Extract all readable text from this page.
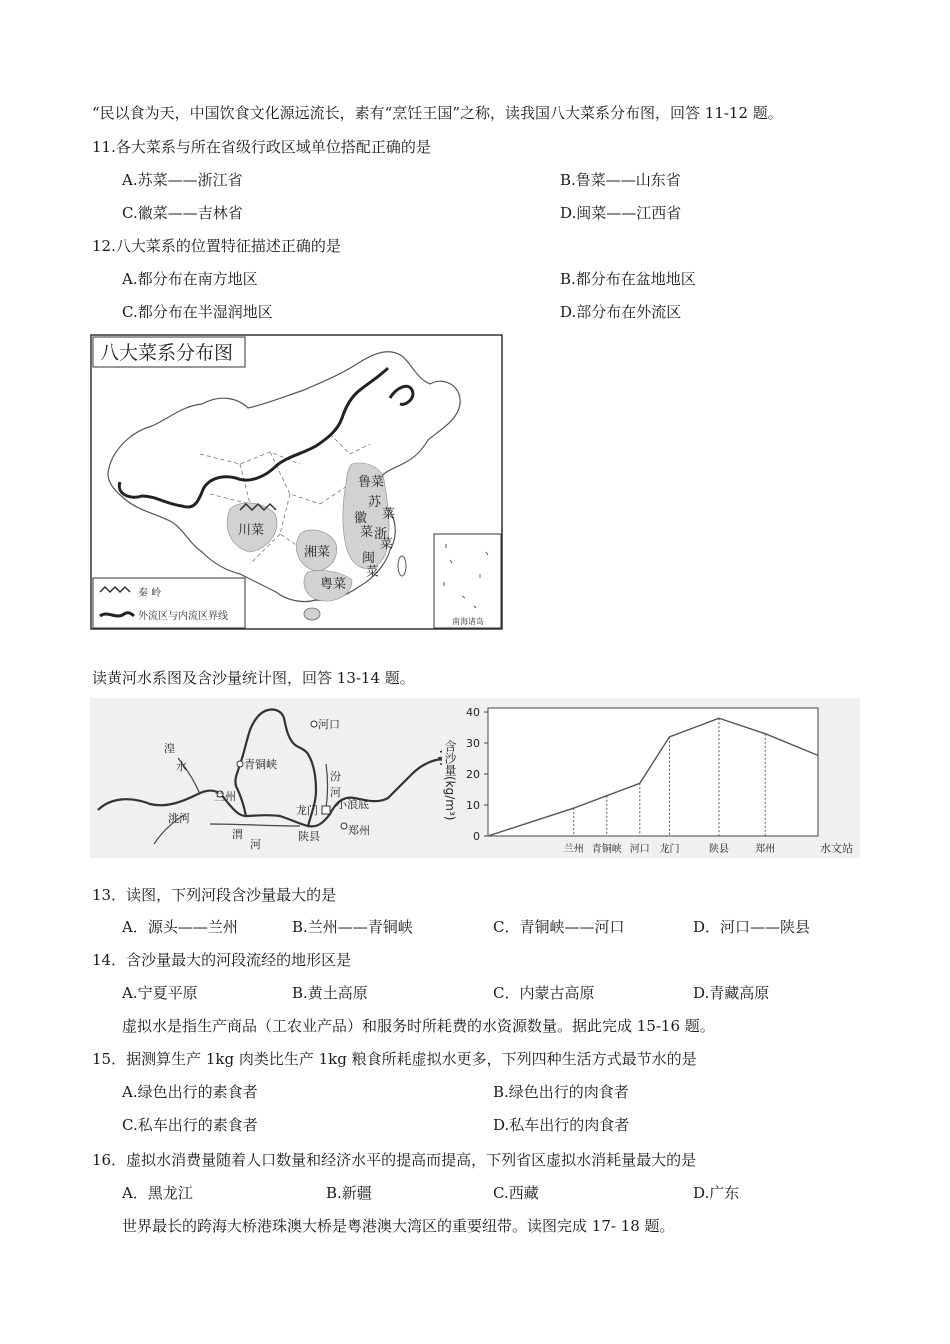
“民以食为天，中国饮食文化源远流长，素有“烹饪王国”之称，读我国八大菜系分布图，回答 11-12 题。
11.各大菜系与所在省级行政区域单位搭配正确的是
A.苏菜——浙江省	B.鲁菜——山东省
C.徽菜——吉林省	D.闽菜——江西省
12.八大菜系的位置特征描述正确的是
A.都分布在南方地区	B.都分布在盆地地区
C.都分布在半湿润地区	D.部分布在外流区
八大菜系分布图
鲁菜
苏
菜
徽
菜 浙
菜
川菜
湘菜 闽
菜
粤菜
秦 岭
外流区与内流区界线	南海诸岛
读黄河水系图及含沙量统计图，回答 13-14 题。
湟
水
兰州
洮河
青铜峡
河口
汾
河
龙门 小浪底
渭
河
陕县	郑州
含沙量(kg/m³)
0
10
20
30
40
兰州 青铜峡 河口 龙门	陕县	郑州	水文站
13．读图，下列河段含沙量最大的是
A．源头——兰州	B.兰州——青铜峡	C．青铜峡——河口	D．河口——陕县
14．含沙量最大的河段流经的地形区是
A.宁夏平原	B.黄土高原	C．内蒙古高原	D.青藏高原
虚拟水是指生产商品（工农业产品）和服务时所耗费的水资源数量。据此完成 15-16 题。
15．据测算生产 1kg 肉类比生产 1kg 粮食所耗虚拟水更多，下列四种生活方式最节水的是
A.绿色出行的素食者	B.绿色出行的肉食者
C.私车出行的素食者	D.私车出行的肉食者
16．虚拟水消费量随着人口数量和经济水平的提高而提高，下列省区虚拟水消耗量最大的是
A．黑龙江	B.新疆	C.西藏	D.广东
世界最长的跨海大桥港珠澳大桥是粤港澳大湾区的重要纽带。读图完成 17- 18 题。
